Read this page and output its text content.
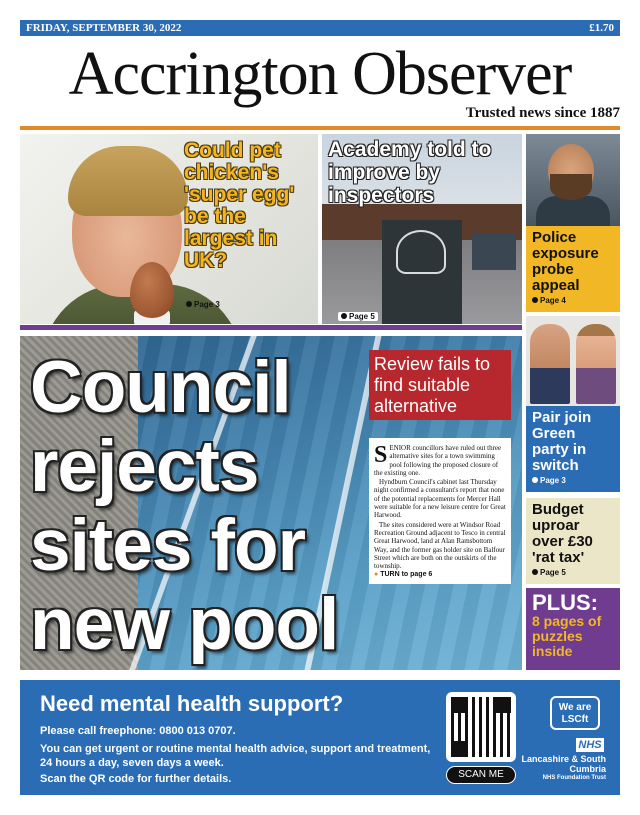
FRIDAY, SEPTEMBER 30, 2022	£1.70
Accrington Observer
Trusted news since 1887
Could pet chicken's 'super egg' be the largest in UK?
Page 3
Academy told to improve by inspectors
Page 5
Police exposure probe appeal
Page 4
Council rejects sites for new pool
Review fails to find suitable alternative

SENIOR councillors have ruled out three alternative sites for a town swimming pool following the proposed closure of the existing one.

Hyndburn Council's cabinet last Thursday night confirmed a consultant's report that none of the potential replacements for Mercer Hall were suitable for a new leisure centre for Great Harwood.

The sites considered were at Windsor Road Recreation Ground adjacent to Tesco in central Great Harwood, land at Alan Ramsbottom Way, and the former gas holder site on Balfour Street which are both on the outskirts of the township.

● TURN to page 6
Pair join Green party in switch
Page 3
Budget uproar over £30 'rat tax'
Page 5
PLUS:
8 pages of puzzles inside
Need mental health support?
Please call freephone: 0800 013 0707.
You can get urgent or routine mental health advice, support and treatment, 24 hours a day, seven days a week.
Scan the QR code for further details.	SCAN ME
We are LSCft
NHS
Lancashire & South Cumbria
NHS Foundation Trust
